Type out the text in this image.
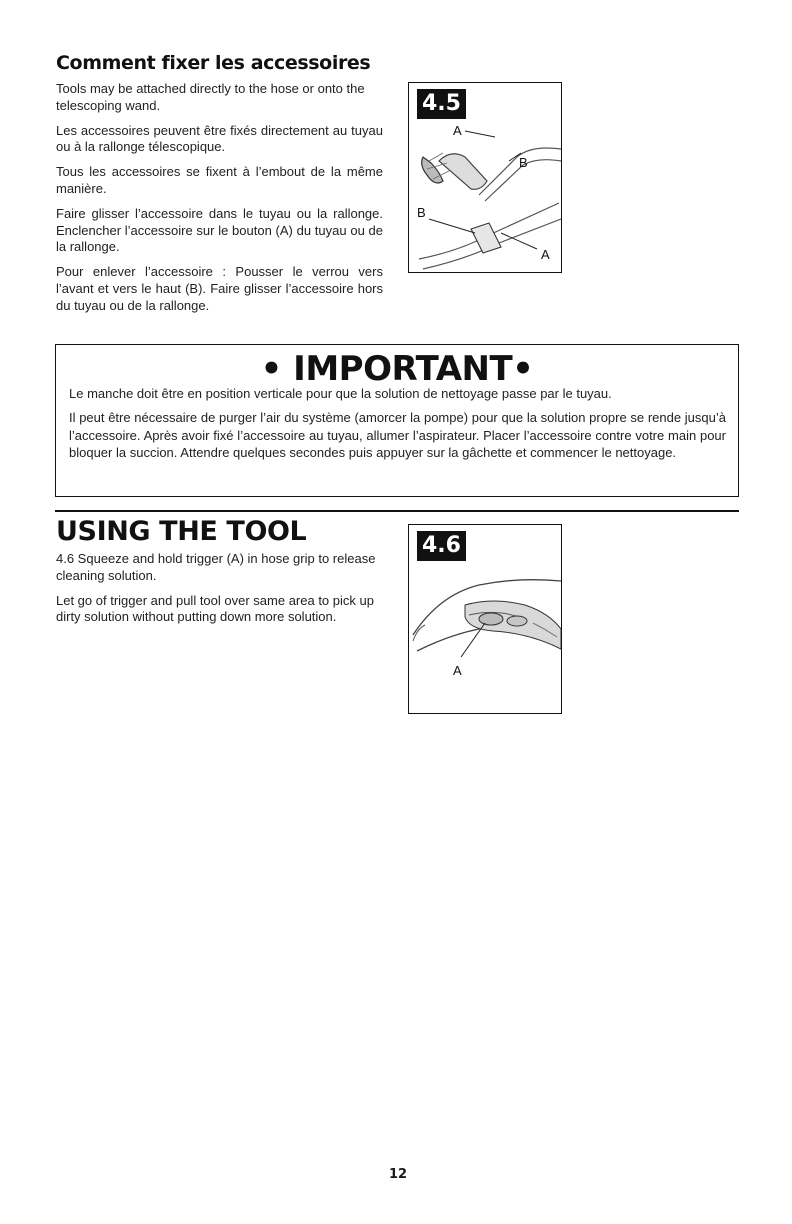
Comment fixer les accessoires

Tools may be attached directly to the hose or onto the telescoping wand.

Les accessoires peuvent être fixés directement au tuyau ou à la rallonge télescopique.

Tous les accessoires se fixent à l’embout de la même manière.

Faire glisser l’accessoire dans le tuyau ou la rallonge. Enclencher l’accessoire sur le bouton (A) du tuyau ou de la rallonge.

Pour enlever l’accessoire : Pousser le verrou vers l’avant et vers le haut (B). Faire glisser l’accessoire hors du tuyau ou de la rallonge.

4.5
A
B
B
A
• IMPORTANT•

Le manche doit être en position verticale pour que la solution de nettoyage passe par le tuyau.

Il peut être nécessaire de purger l’air du système (amorcer la pompe) pour que la solution propre se rende jusqu’à l’accessoire. Après avoir fixé l’accessoire au tuyau, allumer l’aspirateur. Placer l’accessoire contre votre main pour bloquer la succion. Attendre quelques secondes puis appuyer sur la gâchette et commencer le nettoyage.

USING THE TOOL

4.6 Squeeze and hold trigger (A) in hose grip to release

cleaning solution.

Let go of trigger and pull tool over same area to pick up dirty solution without putting down more solution.

4.6
A
12
